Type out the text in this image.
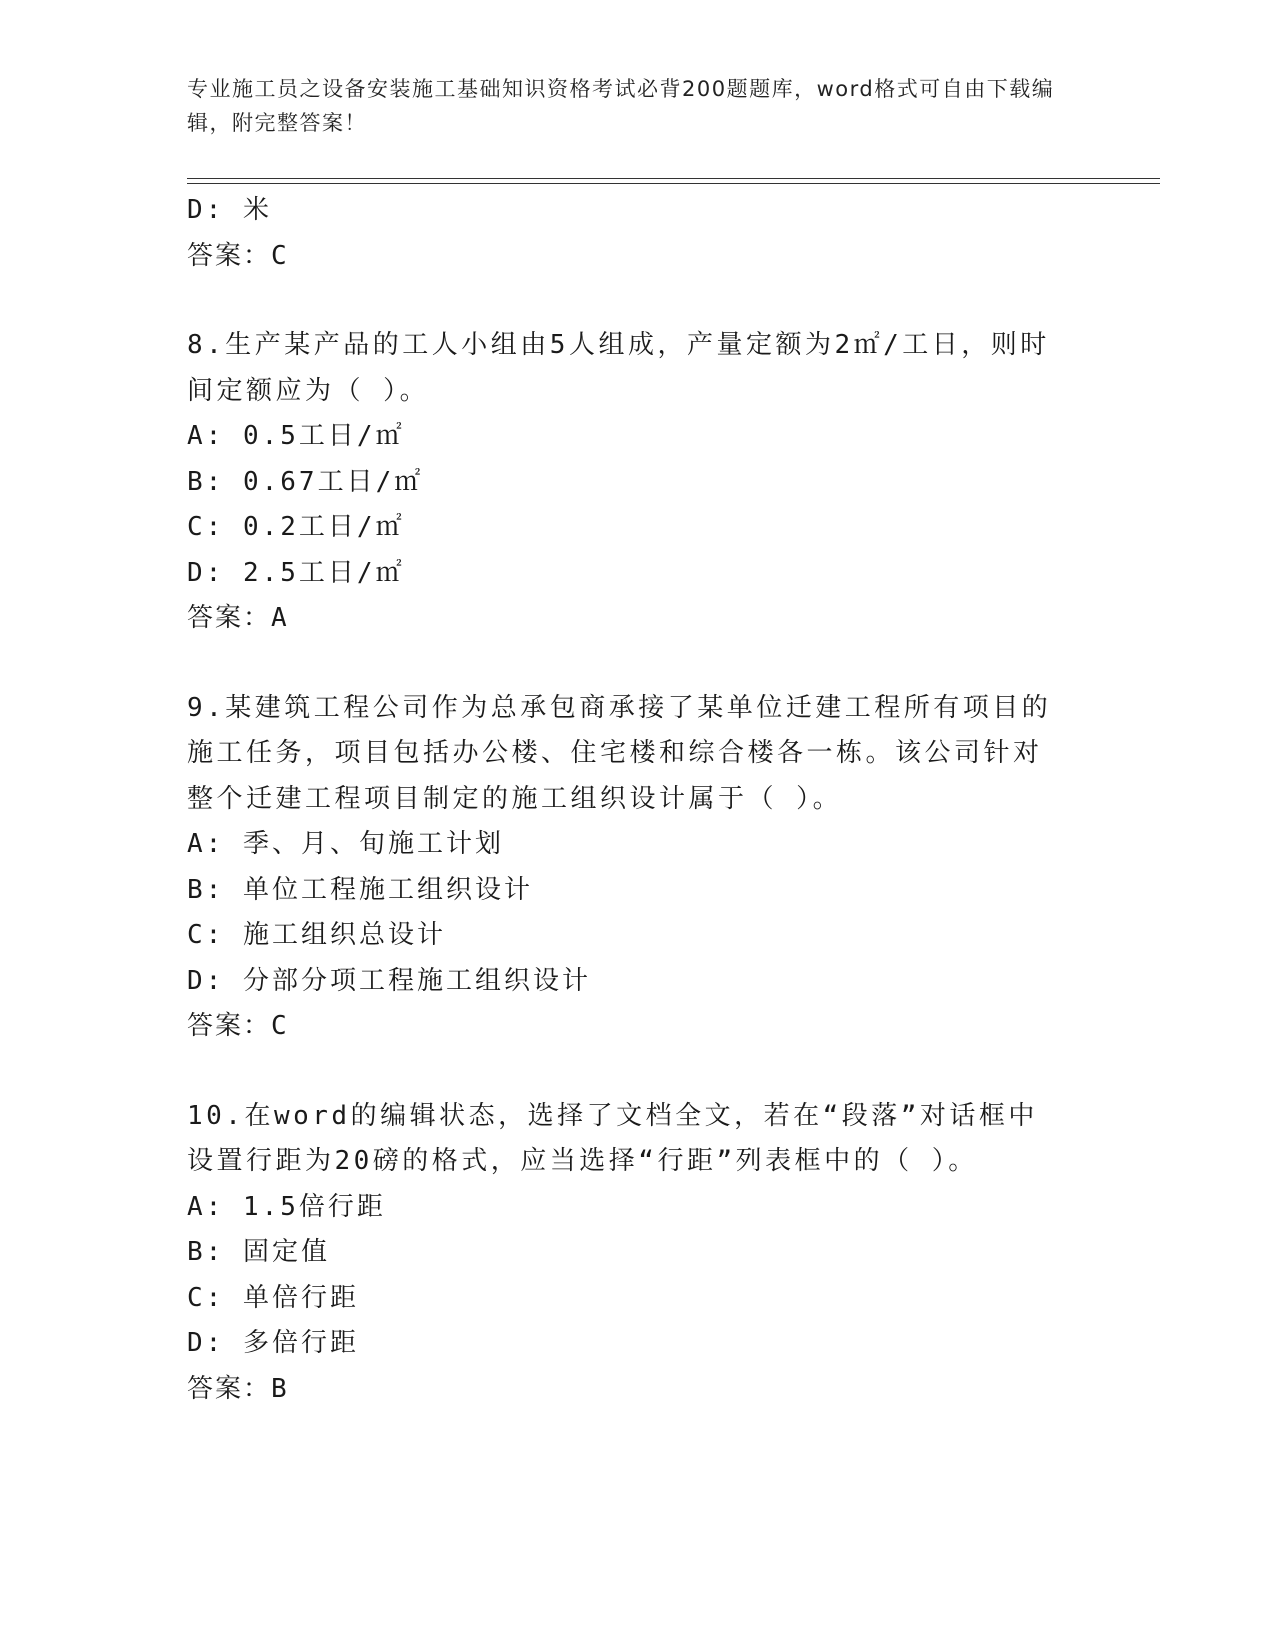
专业施工员之设备安装施工基础知识资格考试必背200题题库，word格式可自由下载编辑，附完整答案！
D: 米
答案：C
8.生产某产品的工人小组由5人组成，产量定额为2㎡/工日，则时间定额应为（ ）。
A: 0.5工日/㎡
B: 0.67工日/㎡
C: 0.2工日/㎡
D: 2.5工日/㎡
答案：A
9.某建筑工程公司作为总承包商承接了某单位迁建工程所有项目的施工任务，项目包括办公楼、住宅楼和综合楼各一栋。该公司针对整个迁建工程项目制定的施工组织设计属于（ ）。
A: 季、月、旬施工计划
B: 单位工程施工组织设计
C: 施工组织总设计
D: 分部分项工程施工组织设计
答案：C
10.在word的编辑状态，选择了文档全文，若在“段落”对话框中设置行距为20磅的格式，应当选择“行距”列表框中的（ ）。
A: 1.5倍行距
B: 固定值
C: 单倍行距
D: 多倍行距
答案：B
